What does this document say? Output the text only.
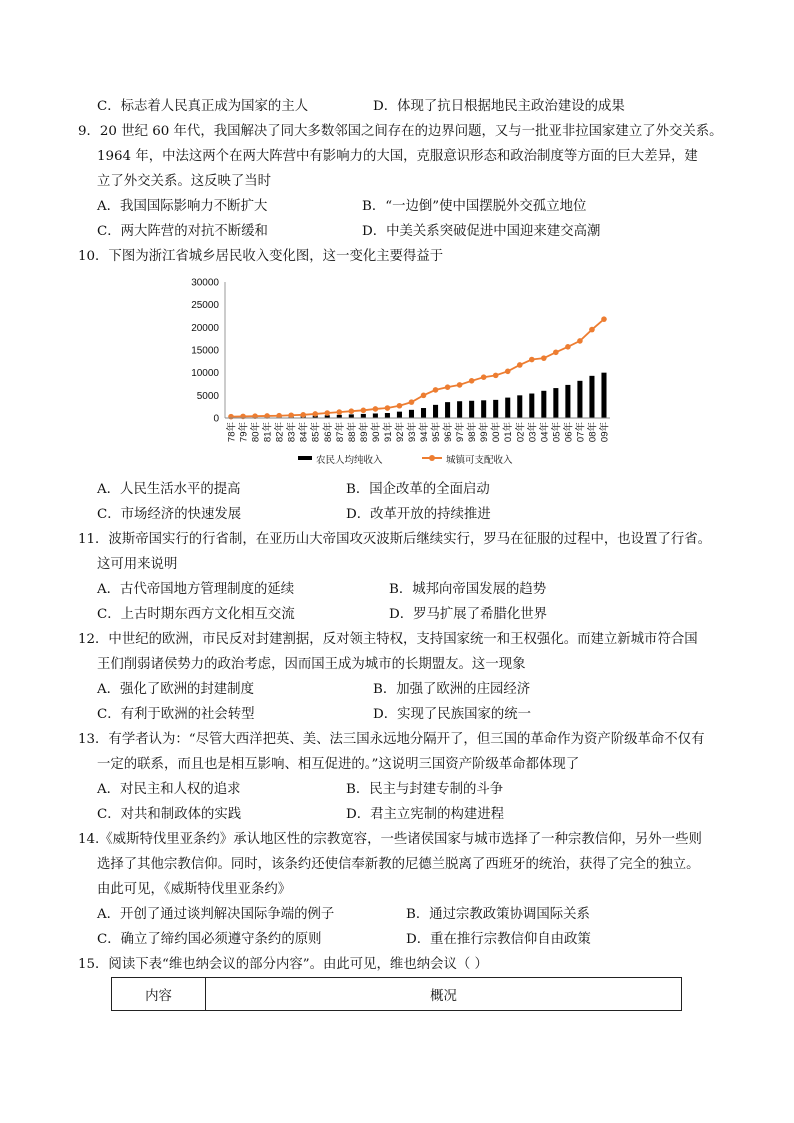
C．标志着人民真正成为国家的主人	D．体现了抗日根据地民主政治建设的成果
9．20 世纪 60 年代，我国解决了同大多数邻国之间存在的边界问题，又与一批亚非拉国家建立了外交关系。
1964 年，中法这两个在两大阵营中有影响力的大国，克服意识形态和政治制度等方面的巨大差异，建
立了外交关系。这反映了当时
A．我国国际影响力不断扩大	B．“一边倒”使中国摆脱外交孤立地位
C．两大阵营的对抗不断缓和	D．中美关系突破促进中国迎来建交高潮
10．下图为浙江省城乡居民收入变化图，这一变化主要得益于
0
5000
10000
15000
20000
25000
30000
78年 79年 80年 81年 82年 83年 84年 85年 86年 87年 88年 89年 90年 91年 92年 93年 94年 95年 96年 97年 98年 99年 00年 01年 02年 03年 04年 05年 06年 07年 08年 09年
农民人均纯收入	城镇可支配收入
A．人民生活水平的提高	B．国企改革的全面启动
C．市场经济的快速发展	D．改革开放的持续推进
11．波斯帝国实行的行省制，在亚历山大帝国攻灭波斯后继续实行，罗马在征服的过程中，也设置了行省。
这可用来说明
A．古代帝国地方管理制度的延续	B．城邦向帝国发展的趋势
C．上古时期东西方文化相互交流	D．罗马扩展了希腊化世界
12．中世纪的欧洲，市民反对封建割据，反对领主特权，支持国家统一和王权强化。而建立新城市符合国
王们削弱诸侯势力的政治考虑，因而国王成为城市的长期盟友。这一现象
A．强化了欧洲的封建制度	B．加强了欧洲的庄园经济
C．有利于欧洲的社会转型	D．实现了民族国家的统一
13．有学者认为：“尽管大西洋把英、美、法三国永远地分隔开了，但三国的革命作为资产阶级革命不仅有
一定的联系，而且也是相互影响、相互促进的。”这说明三国资产阶级革命都体现了
A．对民主和人权的追求	B．民主与封建专制的斗争
C．对共和制政体的实践	D．君主立宪制的构建进程
14.《威斯特伐里亚条约》承认地区性的宗教宽容，一些诸侯国家与城市选择了一种宗教信仰，另外一些则
选择了其他宗教信仰。同时，该条约还使信奉新教的尼德兰脱离了西班牙的统治，获得了完全的独立。
由此可见，《威斯特伐里亚条约》
A．开创了通过谈判解决国际争端的例子	B．通过宗教政策协调国际关系
C．确立了缔约国必须遵守条约的原则	D．重在推行宗教信仰自由政策
15．阅读下表“维也纳会议的部分内容”。由此可见，维也纳会议（ ）
内容	概况
